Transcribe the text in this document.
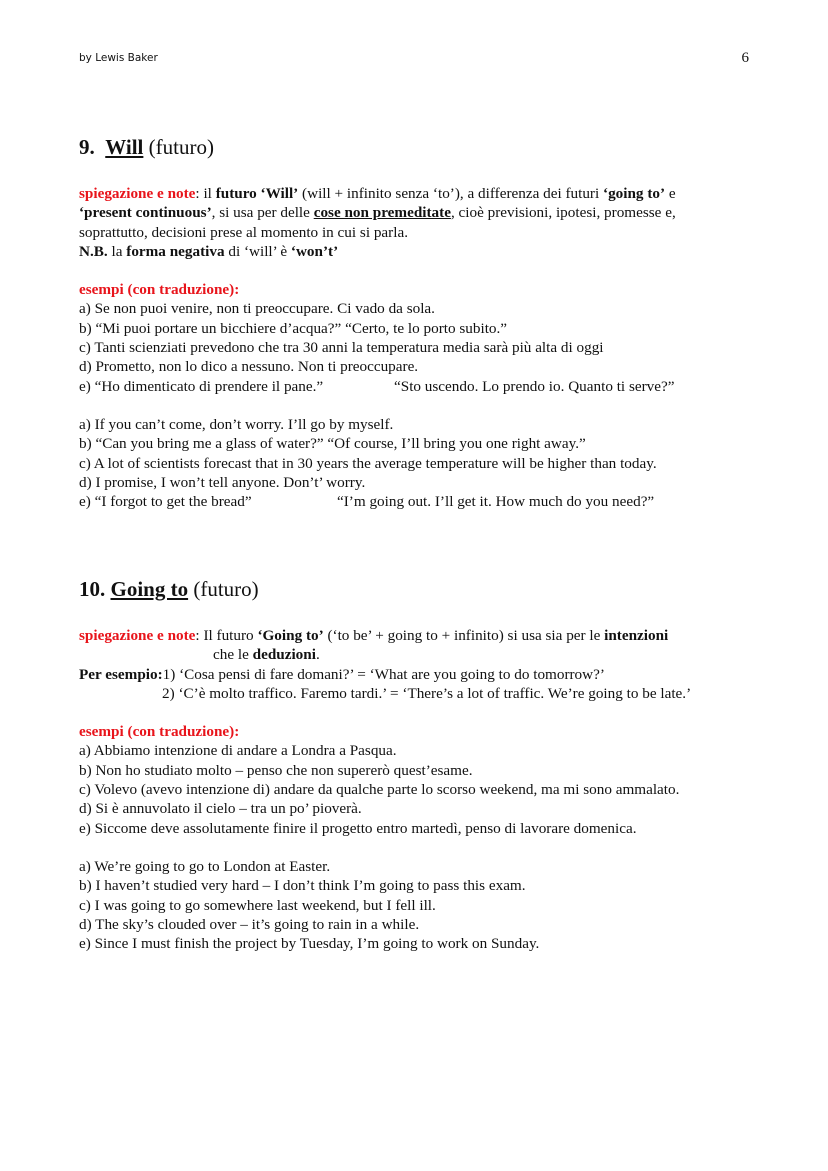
by Lewis Baker	6
9. Will (futuro)
spiegazione e note: il futuro ‘Will’ (will + infinito senza ‘to’), a differenza dei futuri ‘going to’ e
‘present continuous’, si usa per delle cose non premeditate, cioè previsioni, ipotesi, promesse e,
soprattutto, decisioni prese al momento in cui si parla.
N.B. la forma negativa di ‘will’ è ‘won’t’
esempi (con traduzione):
a) Se non puoi venire, non ti preoccupare. Ci vado da sola.
b) “Mi puoi portare un bicchiere d’acqua?” “Certo, te lo porto subito.”
c) Tanti scienziati prevedono che tra 30 anni la temperatura media sarà più alta di oggi
d) Prometto, non lo dico a nessuno. Non ti preoccupare.
e) “Ho dimenticato di prendere il pane.”	“Sto uscendo. Lo prendo io. Quanto ti serve?”
a) If you can’t come, don’t worry. I’ll go by myself.
b) “Can you bring me a glass of water?” “Of course, I’ll bring you one right away.”
c) A lot of scientists forecast that in 30 years the average temperature will be higher than today.
d) I promise, I won’t tell anyone. Don’t’ worry.
e) “I forgot to get the bread”	“I’m going out. I’ll get it. How much do you need?”
10. Going to (futuro)
spiegazione e note: Il futuro ‘Going to’ (‘to be’ + going to + infinito) si usa sia per le intenzioni
che le deduzioni.
Per esempio:1) ‘Cosa pensi di fare domani?’ = ‘What are you going to do tomorrow?’
2) ‘C’è molto traffico. Faremo tardi.’ = ‘There’s a lot of traffic. We’re going to be late.’
esempi (con traduzione):
a) Abbiamo intenzione di andare a Londra a Pasqua.
b) Non ho studiato molto – penso che non supererò quest’esame.
c) Volevo (avevo intenzione di) andare da qualche parte lo scorso weekend, ma mi sono ammalato.
d) Si è annuvolato il cielo – tra un po’ pioverà.
e) Siccome deve assolutamente finire il progetto entro martedì, penso di lavorare domenica.
a) We’re going to go to London at Easter.
b) I haven’t studied very hard – I don’t think I’m going to pass this exam.
c) I was going to go somewhere last weekend, but I fell ill.
d) The sky’s clouded over – it’s going to rain in a while.
e) Since I must finish the project by Tuesday, I’m going to work on Sunday.
